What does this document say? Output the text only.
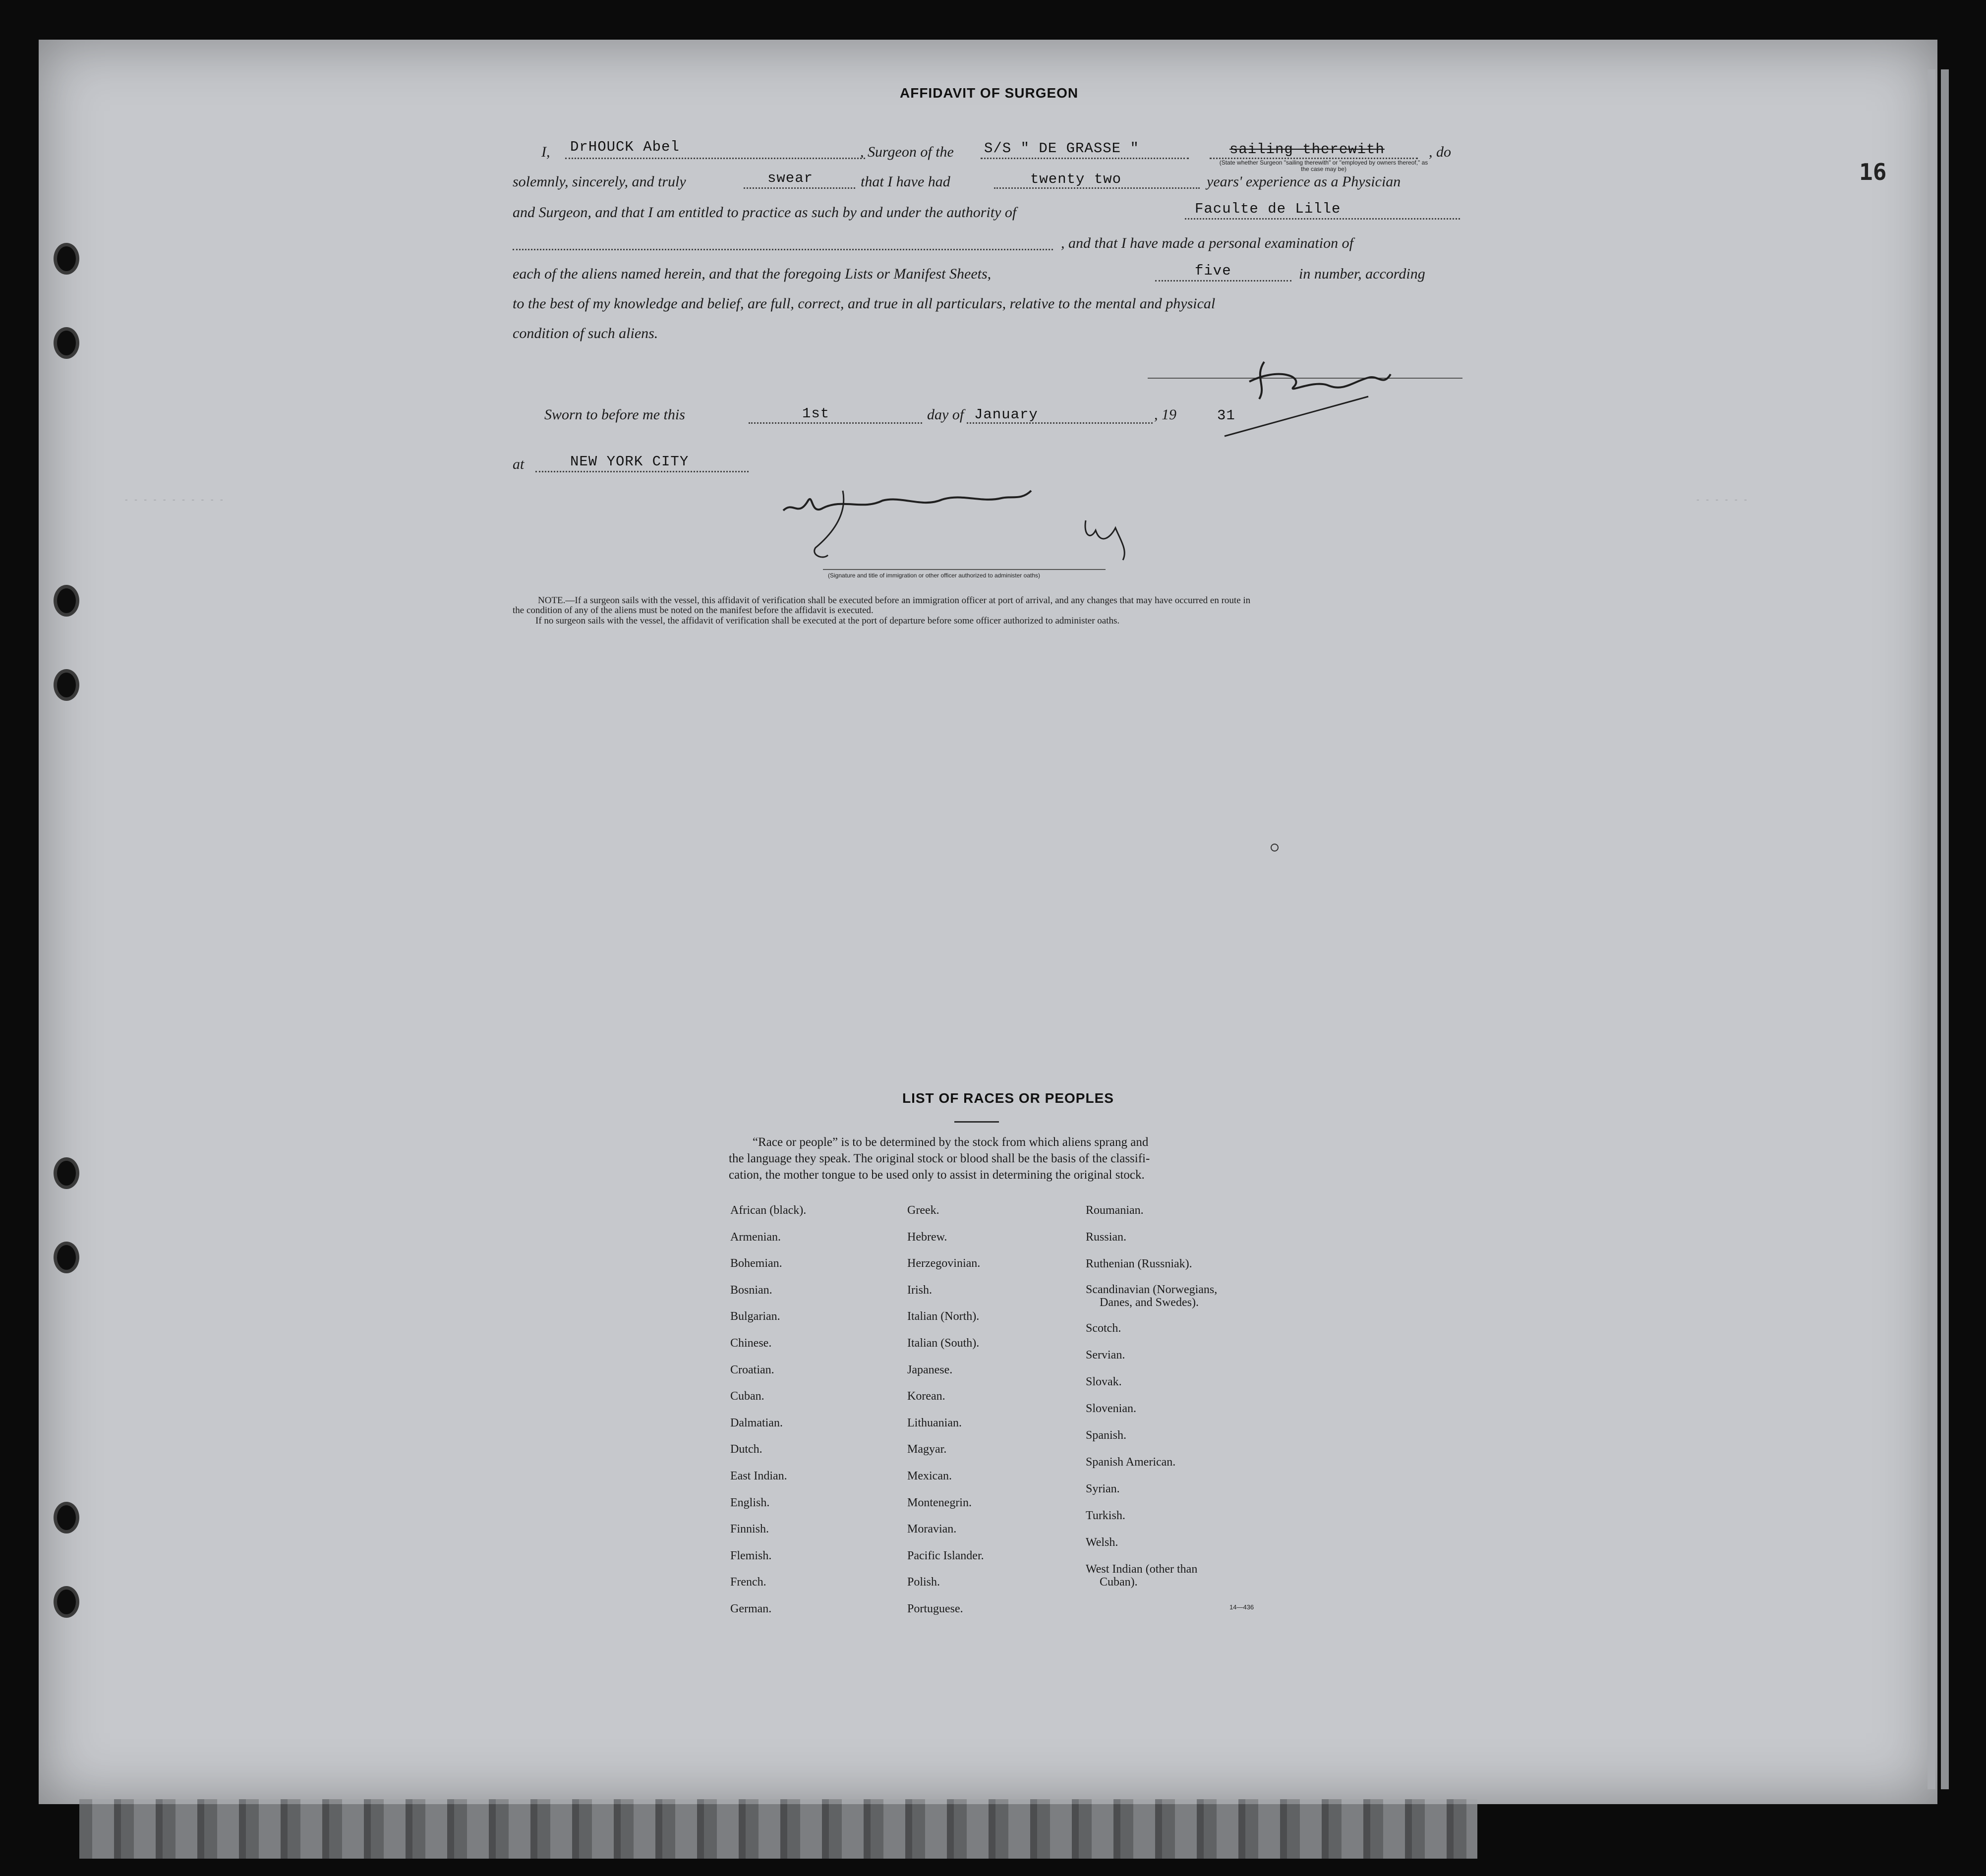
16
AFFIDAVIT OF SURGEON
I,	, Surgeon of the	, do
DrHOUCK Abel	S/S " DE GRASSE "	sailing therewith
(State whether Surgeon "sailing therewith" or "employed by owners thereof," as the case may be)
solemnly, sincerely, and truly	that I have had	years' experience as a Physician
swear	twenty two
and Surgeon, and that I am entitled to practice as such by and under the authority of	Faculte de Lille
, and that I have made a personal examination of
each of the aliens named herein, and that the foregoing Lists or Manifest Sheets,	in number, according
five
to the best of my knowledge and belief, are full, correct, and true in all particulars, relative to the mental and physical
condition of such aliens.
Sworn to before me this	day of	, 19
1st	January	31
at	NEW YORK CITY
- - - - - - - - - - -	- - - - - -
(Signature and title of immigration or other officer authorized to administer oaths)
NOTE.—If a surgeon sails with the vessel, this affidavit of verification shall be executed before an immigration officer at port of arrival, and any changes that may have occurred en route in
the condition of any of the aliens must be noted on the manifest before the affidavit is executed.
If no surgeon sails with the vessel, the affidavit of verification shall be executed at the port of departure before some officer authorized to administer oaths.
LIST OF RACES OR PEOPLES
“Race or people” is to be determined by the stock from which aliens sprang and
the language they speak. The original stock or blood shall be the basis of the classifi-
cation, the mother tongue to be used only to assist in determining the original stock.
African (black).
Armenian.
Bohemian.
Bosnian.
Bulgarian.
Chinese.
Croatian.
Cuban.
Dalmatian.
Dutch.
East Indian.
English.
Finnish.
Flemish.
French.
German.
Greek.
Hebrew.
Herzegovinian.
Irish.
Italian (North).
Italian (South).
Japanese.
Korean.
Lithuanian.
Magyar.
Mexican.
Montenegrin.
Moravian.
Pacific Islander.
Polish.
Portuguese.
Roumanian.
Russian.
Ruthenian (Russniak).
Scandinavian (Norwegians,
Danes, and Swedes).
Scotch.
Servian.
Slovak.
Slovenian.
Spanish.
Spanish American.
Syrian.
Turkish.
Welsh.
West Indian (other than
Cuban).
14—436
